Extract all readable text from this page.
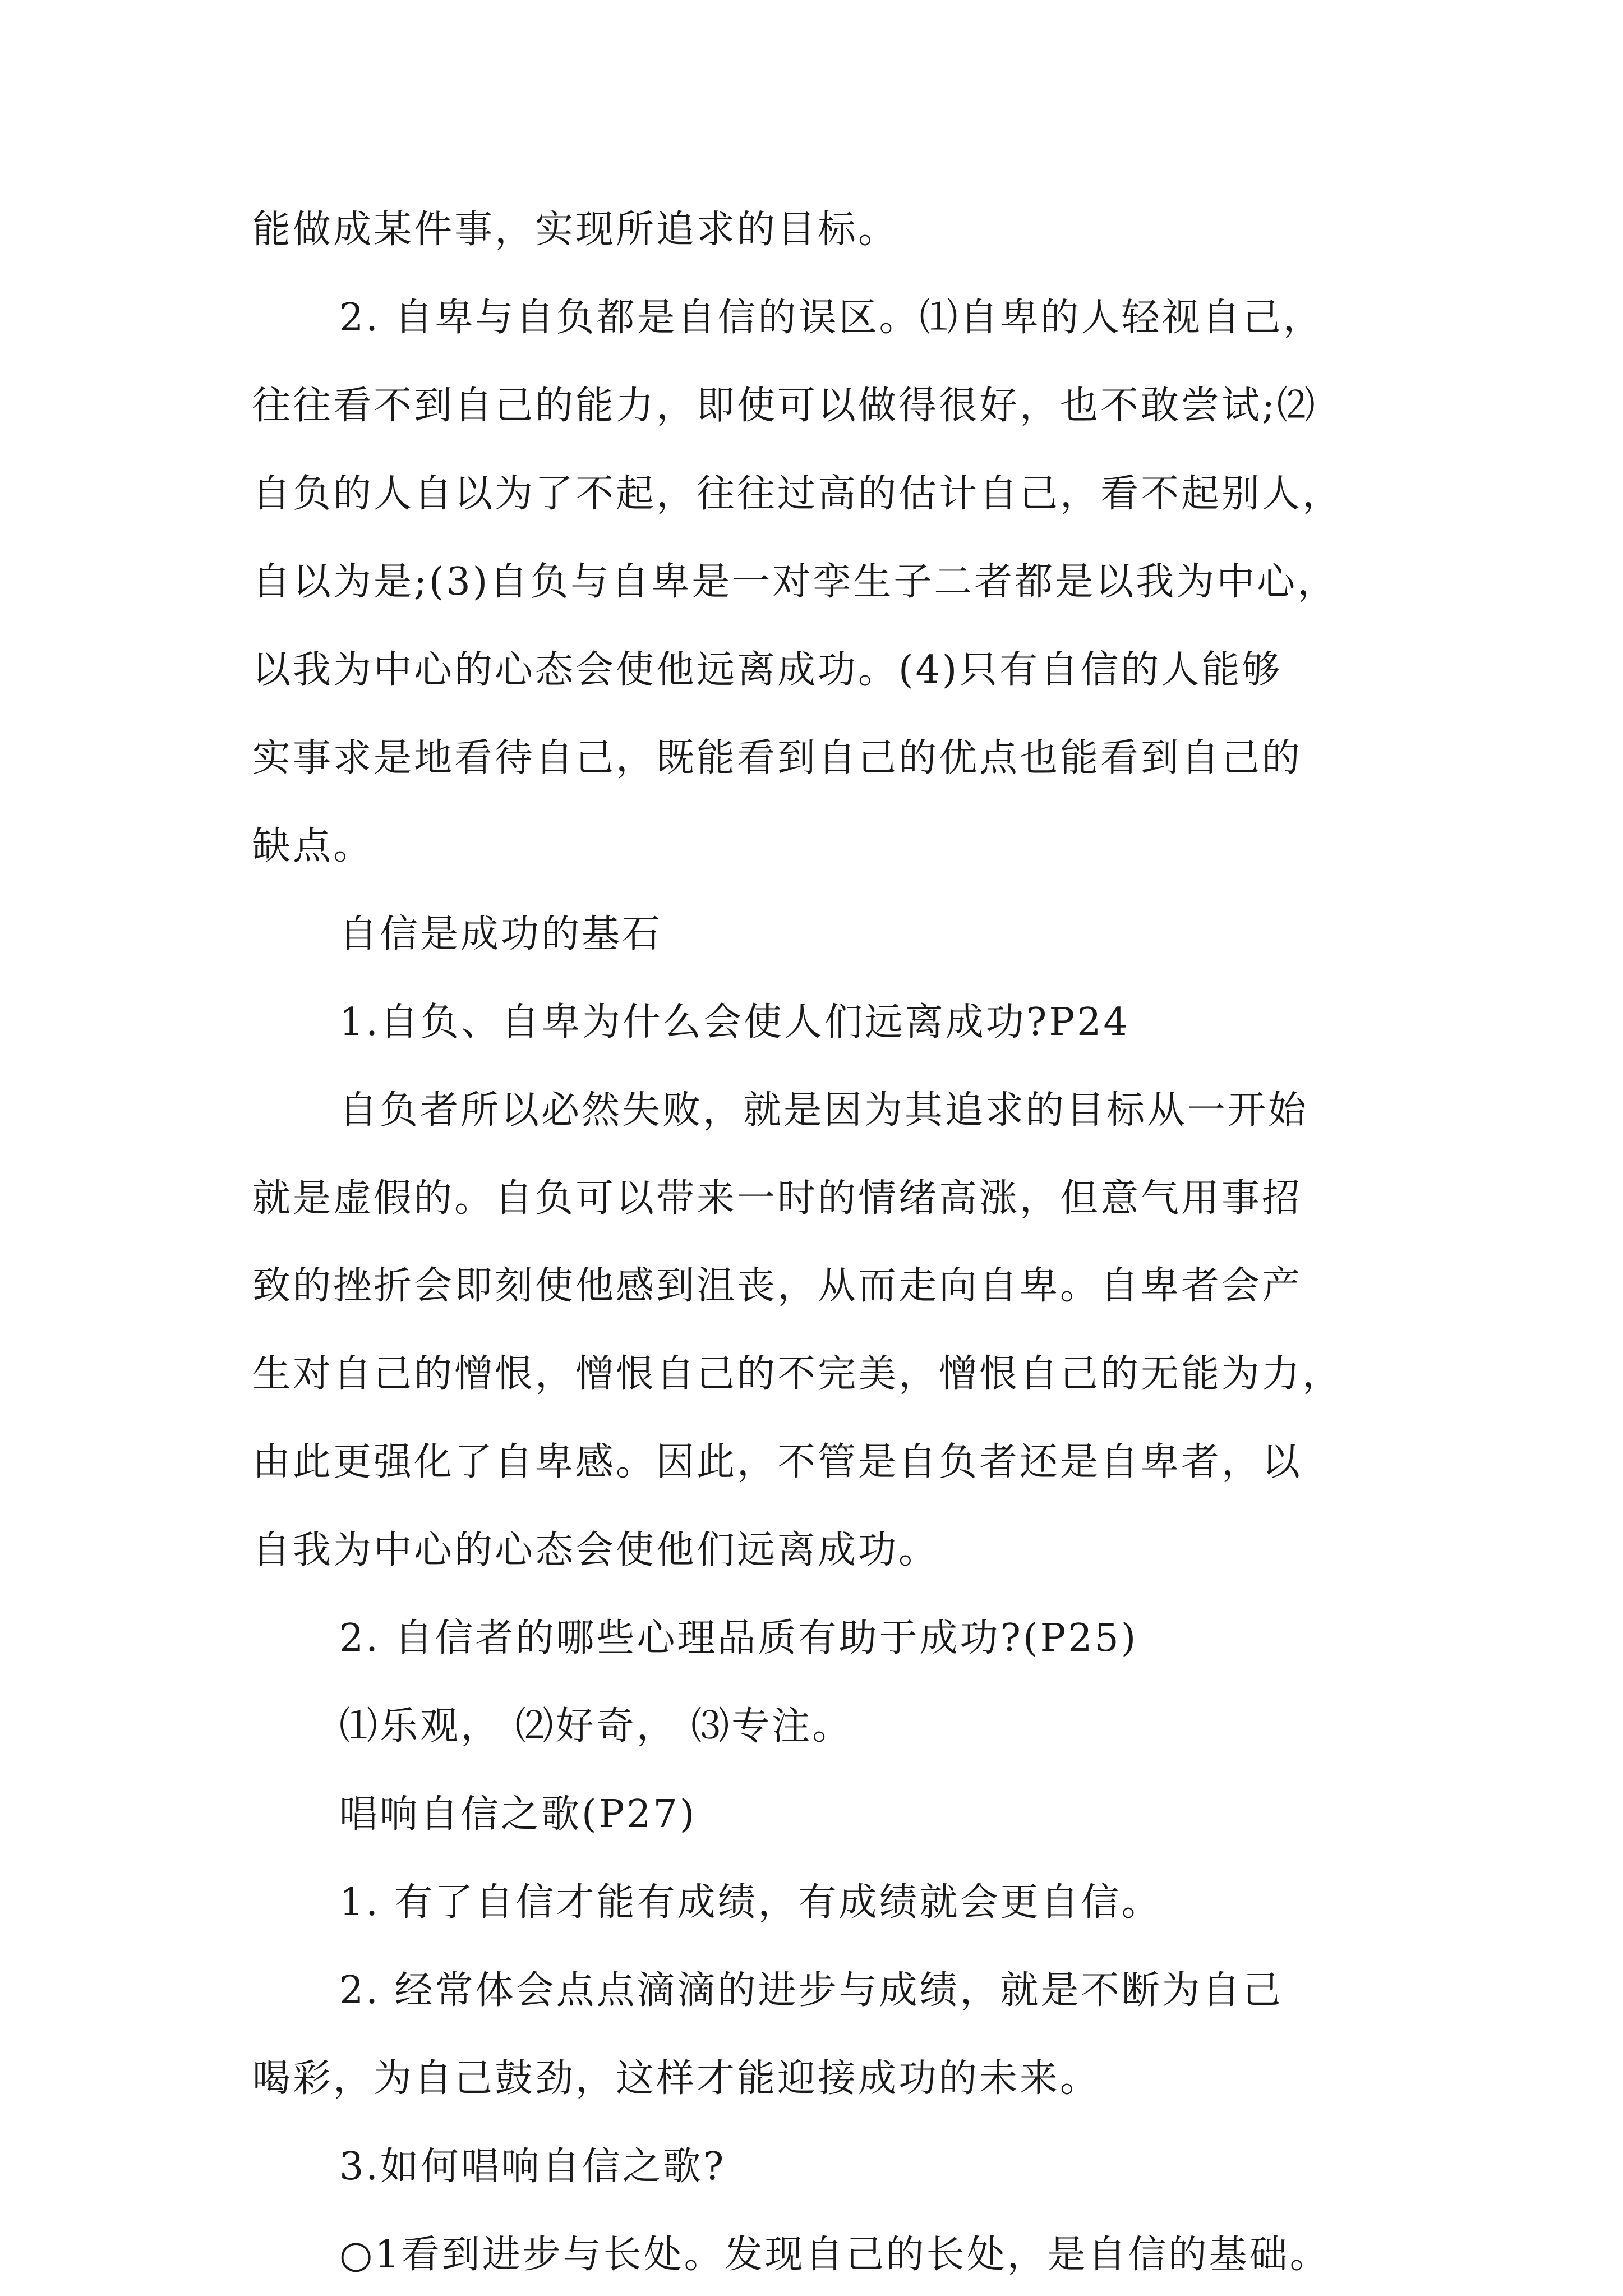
能做成某件事，实现所追求的目标。

2. 自卑与自负都是自信的误区。⑴自卑的人轻视自己，

往往看不到自己的能力，即使可以做得很好，也不敢尝试;⑵

自负的人自以为了不起，往往过高的估计自己，看不起别人，

自以为是;(3)自负与自卑是一对孪生子二者都是以我为中心，

以我为中心的心态会使他远离成功。(4)只有自信的人能够

实事求是地看待自己，既能看到自己的优点也能看到自己的

缺点。

自信是成功的基石

1.自负、自卑为什么会使人们远离成功?P24

自负者所以必然失败，就是因为其追求的目标从一开始

就是虚假的。自负可以带来一时的情绪高涨，但意气用事招

致的挫折会即刻使他感到沮丧，从而走向自卑。自卑者会产

生对自己的憎恨，憎恨自己的不完美，憎恨自己的无能为力，

由此更强化了自卑感。因此，不管是自负者还是自卑者，以

自我为中心的心态会使他们远离成功。

2. 自信者的哪些心理品质有助于成功?(P25)

⑴乐观， ⑵好奇， ⑶专注。

唱响自信之歌(P27)

1. 有了自信才能有成绩，有成绩就会更自信。

2. 经常体会点点滴滴的进步与成绩，就是不断为自己

喝彩，为自己鼓劲，这样才能迎接成功的未来。

3.如何唱响自信之歌?

○1看到进步与长处。发现自己的长处，是自信的基础。
